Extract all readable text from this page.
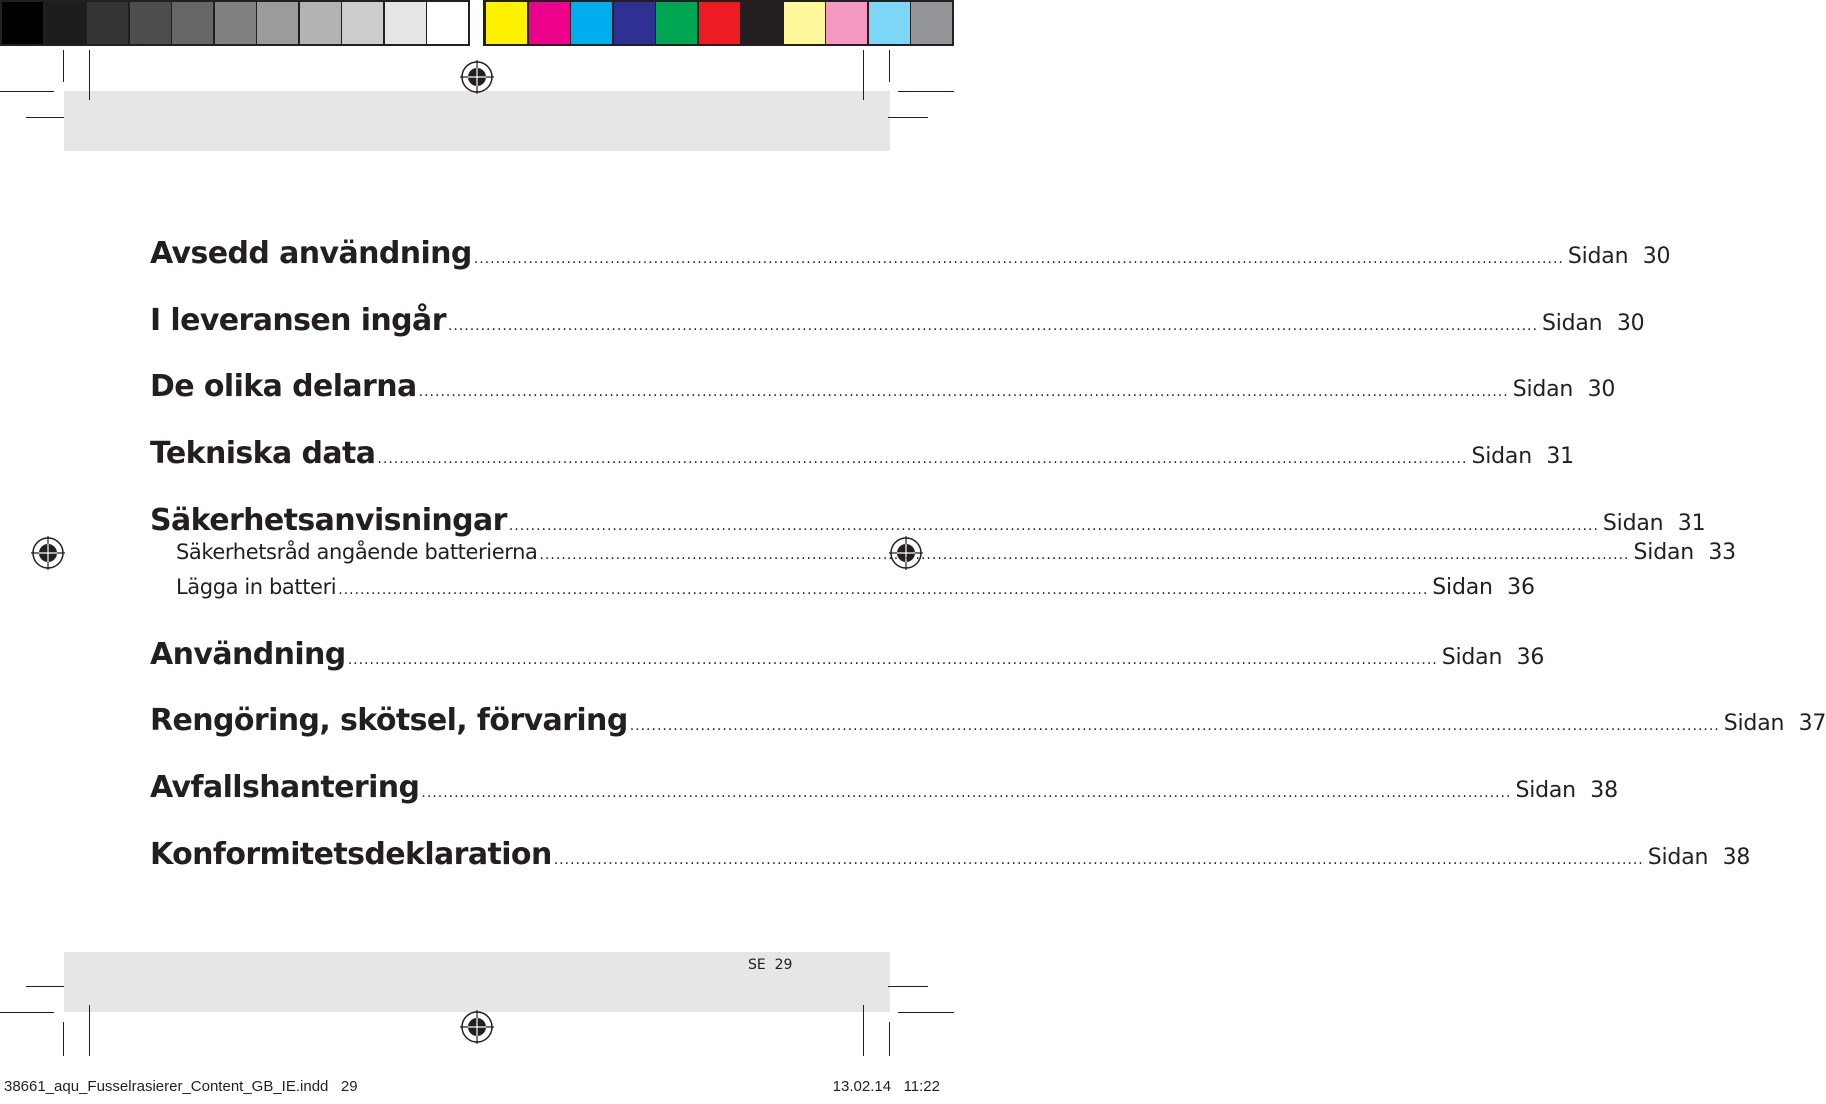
Avsedd användning ........................................................................................................................................................................................................ Sidan 30
I leveransen ingår ........................................................................................................................................................................................................ Sidan 30
De olika delarna ........................................................................................................................................................................................................ Sidan 30
Tekniska data ........................................................................................................................................................................................................ Sidan 31
Säkerhetsanvisningar ........................................................................................................................................................................................................ Sidan 31
Säkerhetsråd angående batterierna ........................................................................................................................................................................................................ Sidan 33
Lägga in batteri ........................................................................................................................................................................................................ Sidan 36
Användning ........................................................................................................................................................................................................ Sidan 36
Rengöring, skötsel, förvaring ........................................................................................................................................................................................................ Sidan 37
Avfallshantering ........................................................................................................................................................................................................ Sidan 38
Konformitetsdeklaration ........................................................................................................................................................................................................ Sidan 38
SE  29
38661_aqu_Fusselrasierer_Content_GB_IE.indd   29	13.02.14   11:22
